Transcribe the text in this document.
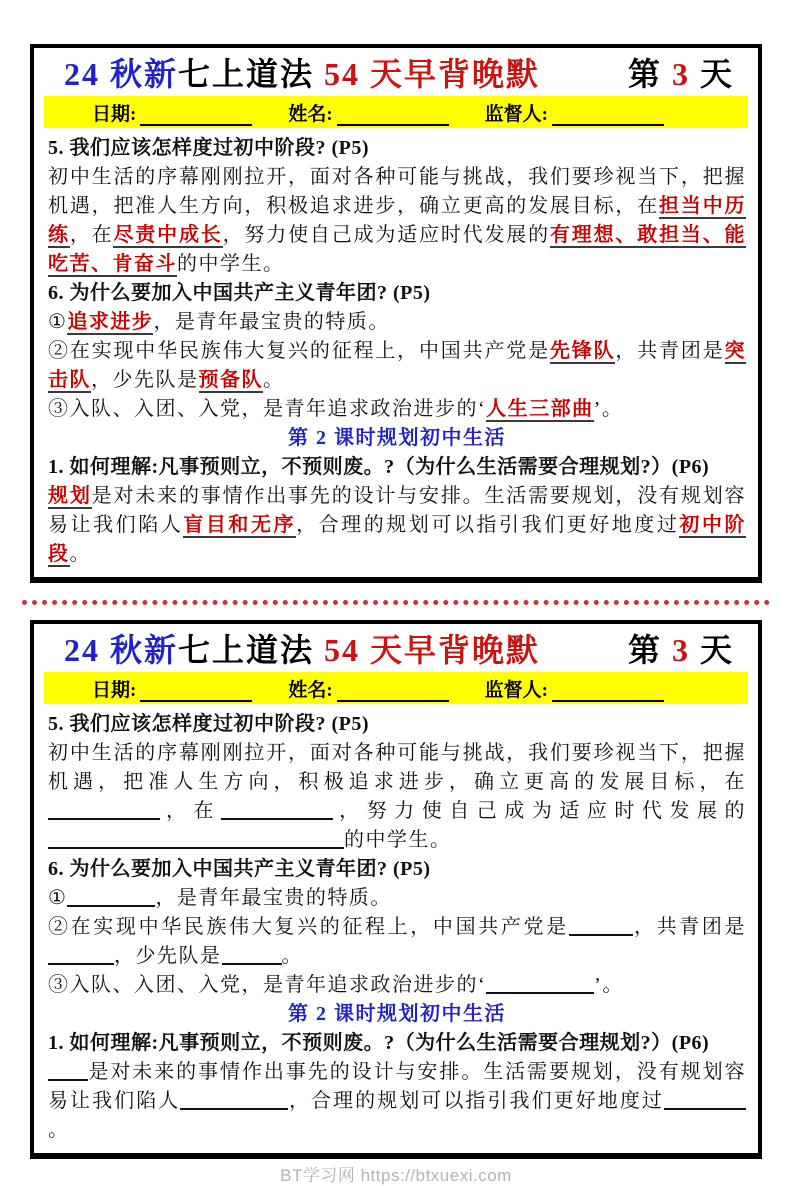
24 秋新七上道法 54 天早背晚默	第 3 天
日期:	姓名:	监督人:
5. 我们应该怎样度过初中阶段? (P5)
初中生活的序幕刚刚拉开，面对各种可能与挑战，我们要珍视当下，把握机遇，把准人生方向，积极追求进步，确立更高的发展目标，在担当中历练，在尽责中成长，努力使自己成为适应时代发展的有理想、敢担当、能吃苦、肯奋斗的中学生。
6. 为什么要加入中国共产主义青年团? (P5)
①追求进步，是青年最宝贵的特质。
②在实现中华民族伟大复兴的征程上，中国共产党是先锋队，共青团是突击队，少先队是预备队。
③入队、入团、入党，是青年追求政治进步的‘人生三部曲’。
第 2 课时规划初中生活
1. 如何理解:凡事预则立，不预则废。?（为什么生活需要合理规划?）(P6)
规划是对未来的事情作出事先的设计与安排。生活需要规划，没有规划容易让我们陷人盲目和无序，合理的规划可以指引我们更好地度过初中阶段。
24 秋新七上道法 54 天早背晚默	第 3 天
日期:	姓名:	监督人:
5. 我们应该怎样度过初中阶段? (P5)
初中生活的序幕刚刚拉开，面对各种可能与挑战，我们要珍视当下，把握机遇，把准人生方向，积极追求进步，确立更高的发展目标，在，在	，努力使自己成为适应时代发展的的中学生。
6. 为什么要加入中国共产主义青年团? (P5)
①	，是青年最宝贵的特质。
②在实现中华民族伟大复兴的征程上，中国共产党是	，共青团是，少先队是	。
③入队、入团、入党，是青年追求政治进步的‘	’。
第 2 课时规划初中生活
1. 如何理解:凡事预则立，不预则废。?（为什么生活需要合理规划?）(P6)
是对未来的事情作出事先的设计与安排。生活需要规划，没有规划容易让我们陷人	，合理的规划可以指引我们更好地度过。
BT学习网 https://btxuexi.com
